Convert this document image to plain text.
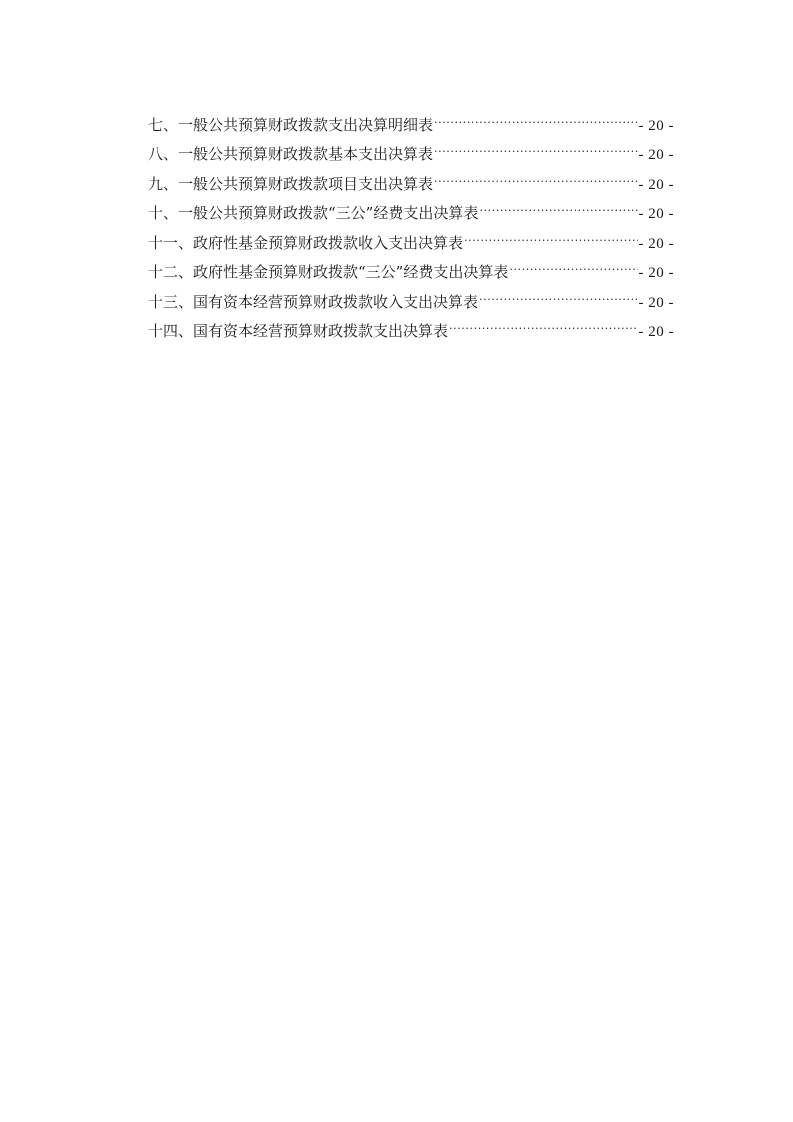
七、一般公共预算财政拨款支出决算明细表 .....	- 20 -
八、一般公共预算财政拨款基本支出决算表 .....	- 20 -
九、一般公共预算财政拨款项目支出决算表 .....	- 20 -
十、一般公共预算财政拨款“三公”经费支出决算表 .....	- 20 -
十一、政府性基金预算财政拨款收入支出决算表 .....	- 20 -
十二、政府性基金预算财政拨款“三公”经费支出决算表 .....	- 20 -
十三、国有资本经营预算财政拨款收入支出决算表 .....	- 20 -
十四、国有资本经营预算财政拨款支出决算表 .....	- 20 -
